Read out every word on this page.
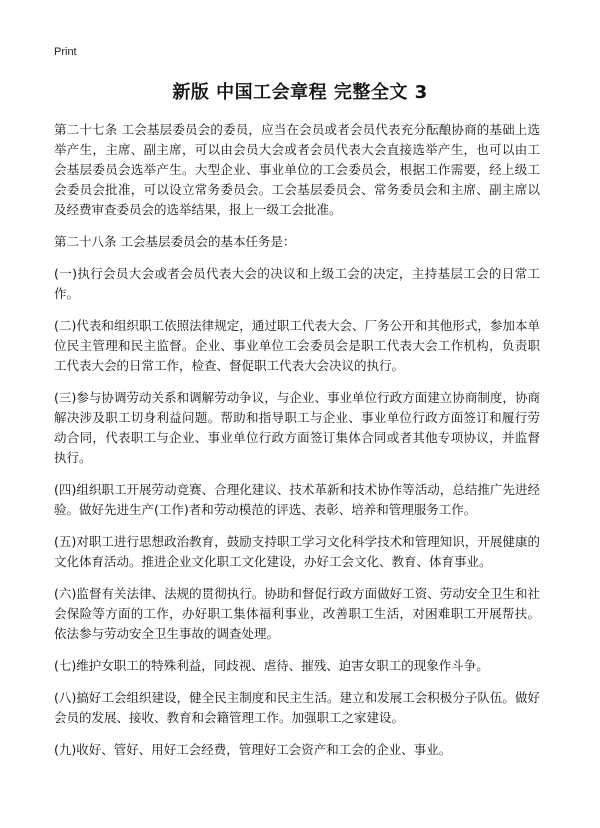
Print
新版 中国工会章程 完整全文 3

第二十七条 工会基层委员会的委员，应当在会员或者会员代表充分酝酿协商的基础上选举产生，主席、副主席，可以由会员大会或者会员代表大会直接选举产生，也可以由工会基层委员会选举产生。大型企业、事业单位的工会委员会，根据工作需要，经上级工会委员会批准，可以设立常务委员会。工会基层委员会、常务委员会和主席、副主席以及经费审查委员会的选举结果，报上一级工会批准。

第二十八条 工会基层委员会的基本任务是：

(一)执行会员大会或者会员代表大会的决议和上级工会的决定，主持基层工会的日常工作。

(二)代表和组织职工依照法律规定，通过职工代表大会、厂务公开和其他形式，参加本单位民主管理和民主监督。企业、事业单位工会委员会是职工代表大会工作机构，负责职工代表大会的日常工作，检查、督促职工代表大会决议的执行。

(三)参与协调劳动关系和调解劳动争议，与企业、事业单位行政方面建立协商制度，协商解决涉及职工切身利益问题。帮助和指导职工与企业、事业单位行政方面签订和履行劳动合同，代表职工与企业、事业单位行政方面签订集体合同或者其他专项协议，并监督执行。

(四)组织职工开展劳动竞赛、合理化建议、技术革新和技术协作等活动，总结推广先进经验。做好先进生产(工作)者和劳动模范的评选、表彰、培养和管理服务工作。

(五)对职工进行思想政治教育，鼓励支持职工学习文化科学技术和管理知识，开展健康的文化体育活动。推进企业文化职工文化建设，办好工会文化、教育、体育事业。

(六)监督有关法律、法规的贯彻执行。协助和督促行政方面做好工资、劳动安全卫生和社会保险等方面的工作，办好职工集体福利事业，改善职工生活，对困难职工开展帮扶。依法参与劳动安全卫生事故的调查处理。

(七)维护女职工的特殊利益，同歧视、虐待、摧残、迫害女职工的现象作斗争。

(八)搞好工会组织建设，健全民主制度和民主生活。建立和发展工会积极分子队伍。做好会员的发展、接收、教育和会籍管理工作。加强职工之家建设。

(九)收好、管好、用好工会经费，管理好工会资产和工会的企业、事业。
